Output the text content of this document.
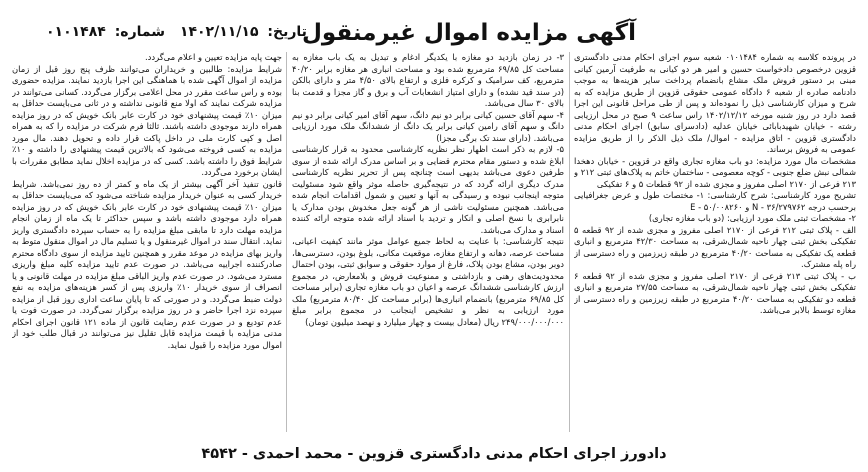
آگهی مزایده اموال غیرمنقول
تاریخ: ۱۴۰۲/۱۱/۱۵ شماره: ۰۱۰۱۴۸۴

در پرونده کلاسه به شماره ۰۱۰۱۴۸۴ شعبه سوم اجرای احکام مدنی دادگستری قزوین درخصوص دادخواست حسین و امیر هر دو کیانی به طرفیت آرمین کیانی مبنی بر دستور فروش ملک مشاع بانضمام پرداخت سایر هزینه‌ها به موجب دادنامه صادره از شعبه ۶ دادگاه عمومی حقوقی قزوین از طریق مزایده که به شرح و میزان کارشناسی ذیل را نموده‌اند و پس از طی مراحل قانونی این اجرا قصد دارد در روز شنبه مورخه ۱۴۰۲/۱۲/۱۲ راس ساعت ۹ صبح در محل ارزیابی رشته - خیابان شهیدبابائی خیابان عدلیه (دادسرای سابق) اجرای احکام مدنی دادگستری قزوین - اتاق مزایده - اموال/ ملک ذیل الذکر را از طریق مزایده عمومی به فروش برساند.

مشخصات مال مورد مزایده: دو باب مغازه تجاری واقع در قزوین - خیابان دهخدا شمالی نبش ضلع جنوبی - کوچه معصومی - ساختمان خاتم به پلاک‌های ثبتی ۲۱۲ و ۲۱۳ فرعی از ۲۱۷۰ اصلی مفروز و مجزی شده از ۹۲ قطعات ۵ و ۶ تفکیکی

تشریح مورد کارشناسی: شرح کارشناسی: ۱- مختصات طول و عرض جغرافیایی برحسب درجه N - ۳۶/۲۷۹۷۶۲ و E - ۵۰/۰۰۸۲۶۰

۲- مشخصات ثبتی ملک مورد ارزیابی: (دو باب مغازه تجاری)

الف - پلاک ثبتی ۲۱۲ فرعی از ۲۱۷۰ اصلی مفروز و مجزی شده از ۹۲ قطعه ۵ تفکیکی بخش ثبتی چهار ناحیه شمال‌شرقی، به مساحت ۴۲/۳۰ مترمربع و انباری قطعه یک تفکیکی به مساحت ۴۰/۲۰ مترمربع در طبقه زیرزمین و راه دسترسی از راه پله مشترک.

ب - پلاک ثبتی ۲۱۳ فرعی از ۲۱۷۰ اصلی مفروز و مجزی شده از ۹۲ قطعه ۶ تفکیکی بخش ثبتی چهار ناحیه شمال‌شرقی، به مساحت ۲۷/۵۵ مترمربع و انباری قطعه دو تفکیکی به مساحت ۴۰/۲۰ مترمربع در طبقه زیرزمین و راه دسترسی از مغازه توسط بالابر می‌باشد.

۳- در زمان بازدید دو مغازه با یکدیگر ادغام و تبدیل به یک باب مغازه به مساحت کل ۶۹/۸۵ مترمربع شده بود و مساحت انباری هر مغازه برابر ۴۰/۲۰ مترمربع، کف سرامیک و کرکره فلزی و ارتفاع بالای ۴/۵۰ متر و دارای بالکن (در سند قید نشده) و دارای امتیاز انشعابات آب و برق و گاز مجزا و قدمت بنا بالای ۳۰ سال می‌باشد.

۴- سهم آقای حسین کیانی برابر دو نیم دانگ، سهم آقای امیر کیانی برابر دو نیم دانگ و سهم آقای رامین کیانی برابر یک دانگ از ششدانگ ملک مورد ارزیابی می‌باشد. (دارای سند تک برگی مجزا)

۵- لازم به ذکر است اظهار نظر نظریه کارشناسی محدود به قرار کارشناسی ابلاغ شده و دستور مقام محترم قضایی و بر اساس مدرک ارائه شده از سوی طرفین دعوی می‌باشد بدیهی است چنانچه پس از تحریر نظریه کارشناسی مدرک دیگری ارائه گردد که در نتیجه‌گیری حاصله موثر واقع شود مسئولیت متوجه اینجانب نبوده و رسیدگی به آنها و تعیین و شمول اقدامات انجام شده می‌باشد. همچنین مسئولیت ناشی از هر گونه جعل مخدوش بودن مدارک یا نابرابری با نسخ اصلی و انکار و تردید با اسناد ارائه شده متوجه ارائه کننده اسناد و مدارک می‌باشد.

نتیجه کارشناسی: با عنایت به لحاظ جمیع عوامل موثر مانند کیفیت اعیانی، مساحت عرصه، دهانه و ارتفاع مغازه، موقعیت مکانی، بلوغ بودن، دسترسی‌ها، دوبر بودن، مشاع بودن پلاک، فارغ از موارد حقوقی و سوابق ثبتی، بودن احتمال محدودیت‌های رهنی و بازداشتی و ممنوعیت فروش و بلامعارض، در مجموع ارزش کارشناسی ششدانگ عرصه و اعیان دو باب مغازه تجاری (برابر مساحت کل ۶۹/۸۵ مترمربع) بانضمام انباری‌ها (برابر مساحت کل ۸۰/۴۰ مترمربع) ملک مورد ارزیابی به نظر و تشخیص اینجانب در مجموع برابر مبلغ ۲۴۹/۰۰۰/۰۰۰/۰۰۰ ریال (معادل بیست و چهار میلیارد و نهصد میلیون تومان)

جهت پایه مزایده تعیین و اعلام می‌گردد.

شرایط مزایده: طالبین و خریداران می‌توانند ظرف پنج روز قبل از زمان مزایده از اموال آگهی شده با هماهنگی این اجرا بازدید نمایند. مزایده حضوری بوده و راس ساعت مقرر در محل اعلامی برگزار می‌گردد. کسانی می‌توانند در مزایده شرکت نمایند که اولا منع قانونی نداشته و در ثانی می‌بایست حداقل به میزان ۱۰٪ قیمت پیشنهادی خود در کارت عابر بانک خویش که در روز مزایده همراه دارند موجودی داشته باشند. ثالثا فرم شرکت در مزایده را که به همراه اصل و کپی کارت ملی در داخل پاکت قرار داده و تحویل دهند. مال مورد مزایده به کسی فروخته می‌شود که بالاترین قیمت پیشنهادی را داشته و ۱۰٪ شرایط فوق را داشته باشد. کسی که در مزایده اخلال نماید مطابق مقررات با ایشان برخورد می‌گردد.

قانون تنفیذ آخر آگهی بیشتر از یک ماه و کمتر از ده روز نمی‌باشد. شرایط خریدار کسی به عنوان خریدار مزایده شناخته می‌شود که می‌بایست حداقل به میزان ۱۰٪ قیمت پیشنهادی خود در کارت عابر بانک خویش که در روز مزایده همراه دارد موجودی داشته باشد و سپس حداکثر تا یک ماه از زمان انجام مزایده مهلت دارد تا مابقی مبلغ مزایده را به حساب سپرده دادگستری واریز نماید. انتقال سند در اموال غیرمنقول و یا تسلیم مال در اموال منقول متوط به واریز بهای مزایده در موعد مقرر و همچنین تایید مزایده از سوی دادگاه محترم صادرکننده اجراییه می‌باشد. در صورت عدم تایید مزایده کلیه مبلغ واریزی مسترد می‌شود. در صورت عدم واریز الباقی مبلغ مزایده در مهلت قانونی و یا انصراف از سوی خریدار ۱۰٪ واریزی پس از کسر هزینه‌های مزایده به نفع دولت ضبط می‌گردد. و در صورتی که تا پایان ساعت اداری روز قبل از مزایده سپرده نزد اجرا حاضر و در روز مزایده برگزار نمی‌گردد. در صورت فوت یا عدم تودیع و در صورت عدم رضایت قانون از ماده ۱۲۱ قانون اجرای احکام مدنی مزایده با قیمت مزایده قابل تقلیل نیز می‌توانند در قبال طلب خود از اموال مورد مزایده را قبول نماید.

دادورز اجرای احکام مدنی دادگستری قزوین - محمد احمدی - ۴۵۴۲
